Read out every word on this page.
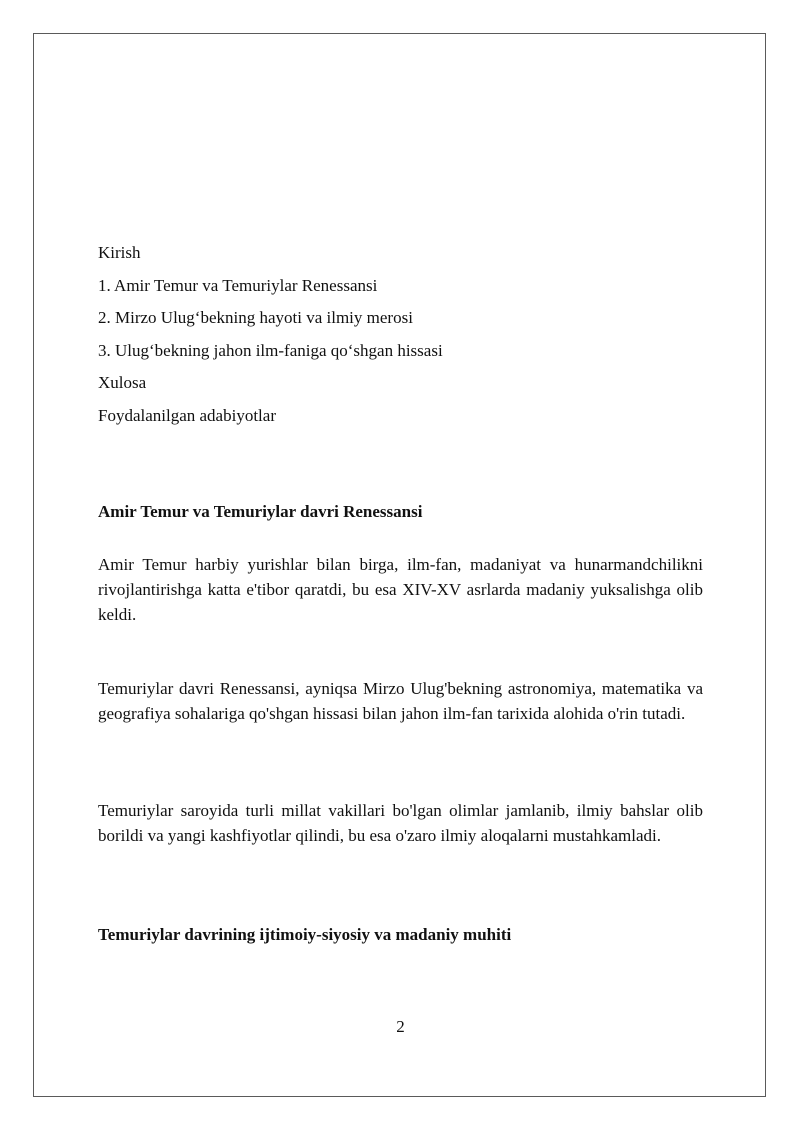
Kirish
1. Amir Temur va Temuriylar Renessansi
2. Mirzo Ulug‘bekning hayoti va ilmiy merosi
3. Ulug‘bekning jahon ilm-faniga qo‘shgan hissasi
Xulosa
Foydalanilgan adabiyotlar
Amir Temur va Temuriylar davri Renessansi
Amir Temur harbiy yurishlar bilan birga, ilm-fan, madaniyat va hunarmandchilikni rivojlantirishga katta e'tibor qaratdi, bu esa XIV-XV asrlarda madaniy yuksalishga olib keldi.
Temuriylar davri Renessansi, ayniqsa Mirzo Ulug'bekning astronomiya, matematika va geografiya sohalariga qo'shgan hissasi bilan jahon ilm-fan tarixida alohida o'rin tutadi.
Temuriylar saroyida turli millat vakillari bo'lgan olimlar jamlanib, ilmiy bahslar olib borildi va yangi kashfiyotlar qilindi, bu esa o'zaro ilmiy aloqalarni mustahkamladi.
Temuriylar davrining ijtimoiy-siyosiy va madaniy muhiti
2
